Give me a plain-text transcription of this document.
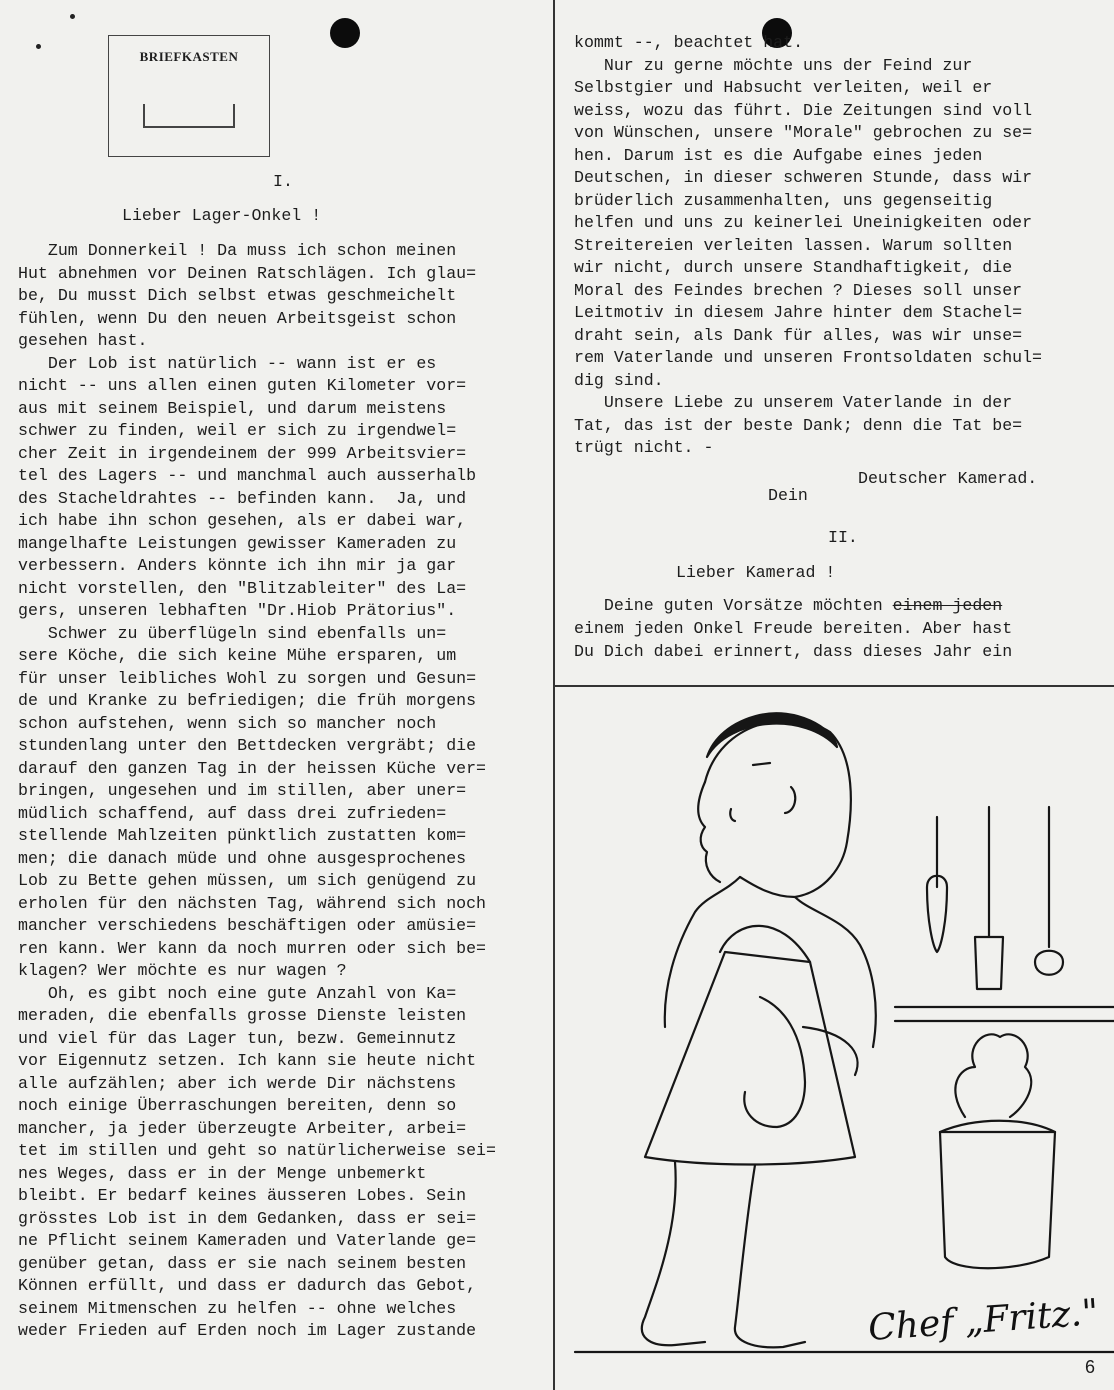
BRIEFKASTEN
I.
Lieber Lager-Onkel !
Zum Donnerkeil ! Da muss ich schon meinen
Hut abnehmen vor Deinen Ratschlägen. Ich glau=
be, Du musst Dich selbst etwas geschmeichelt
fühlen, wenn Du den neuen Arbeitsgeist schon
gesehen hast.
Der Lob ist natürlich -- wann ist er es
nicht -- uns allen einen guten Kilometer vor=
aus mit seinem Beispiel, und darum meistens
schwer zu finden, weil er sich zu irgendwel=
cher Zeit in irgendeinem der 999 Arbeitsvier=
tel des Lagers -- und manchmal auch ausserhalb
des Stacheldrahtes -- befinden kann.  Ja, und
ich habe ihn schon gesehen, als er dabei war,
mangelhafte Leistungen gewisser Kameraden zu
verbessern. Anders könnte ich ihn mir ja gar
nicht vorstellen, den "Blitzableiter" des La=
gers, unseren lebhaften "Dr.Hiob Prätorius".
Schwer zu überflügeln sind ebenfalls un=
sere Köche, die sich keine Mühe ersparen, um
für unser leibliches Wohl zu sorgen und Gesun=
de und Kranke zu befriedigen; die früh morgens
schon aufstehen, wenn sich so mancher noch
stundenlang unter den Bettdecken vergräbt; die
darauf den ganzen Tag in der heissen Küche ver=
bringen, ungesehen und im stillen, aber uner=
müdlich schaffend, auf dass drei zufrieden=
stellende Mahlzeiten pünktlich zustatten kom=
men; die danach müde und ohne ausgesprochenes
Lob zu Bette gehen müssen, um sich genügend zu
erholen für den nächsten Tag, während sich noch
mancher verschiedens beschäftigen oder amüsie=
ren kann. Wer kann da noch murren oder sich be=
klagen? Wer möchte es nur wagen ?
Oh, es gibt noch eine gute Anzahl von Ka=
meraden, die ebenfalls grosse Dienste leisten
und viel für das Lager tun, bezw. Gemeinnutz
vor Eigennutz setzen. Ich kann sie heute nicht
alle aufzählen; aber ich werde Dir nächstens
noch einige Überraschungen bereiten, denn so
mancher, ja jeder überzeugte Arbeiter, arbei=
tet im stillen und geht so natürlicherweise sei=
nes Weges, dass er in der Menge unbemerkt
bleibt. Er bedarf keines äusseren Lobes. Sein
grösstes Lob ist in dem Gedanken, dass er sei=
ne Pflicht seinem Kameraden und Vaterlande ge=
genüber getan, dass er sie nach seinem besten
Können erfüllt, und dass er dadurch das Gebot,
seinem Mitmenschen zu helfen -- ohne welches
weder Frieden auf Erden noch im Lager zustande
kommt --, beachtet hat.
Nur zu gerne möchte uns der Feind zur
Selbstgier und Habsucht verleiten, weil er
weiss, wozu das führt. Die Zeitungen sind voll
von Wünschen, unsere "Morale" gebrochen zu se=
hen. Darum ist es die Aufgabe eines jeden
Deutschen, in dieser schweren Stunde, dass wir
brüderlich zusammenhalten, uns gegenseitig
helfen und uns zu keinerlei Uneinigkeiten oder
Streitereien verleiten lassen. Warum sollten
wir nicht, durch unsere Standhaftigkeit, die
Moral des Feindes brechen ? Dieses soll unser
Leitmotiv in diesem Jahre hinter dem Stachel=
draht sein, als Dank für alles, was wir unse=
rem Vaterlande und unseren Frontsoldaten schul=
dig sind.
Unsere Liebe zu unserem Vaterlande in der
Tat, das ist der beste Dank; denn die Tat be=
trügt nicht. -
Dein
Deutscher Kamerad.
II.
Lieber Kamerad !
Deine guten Vorsätze möchten einem jeden
einem jeden Onkel Freude bereiten. Aber hast
Du Dich dabei erinnert, dass dieses Jahr ein
Chef „Fritz."
6
